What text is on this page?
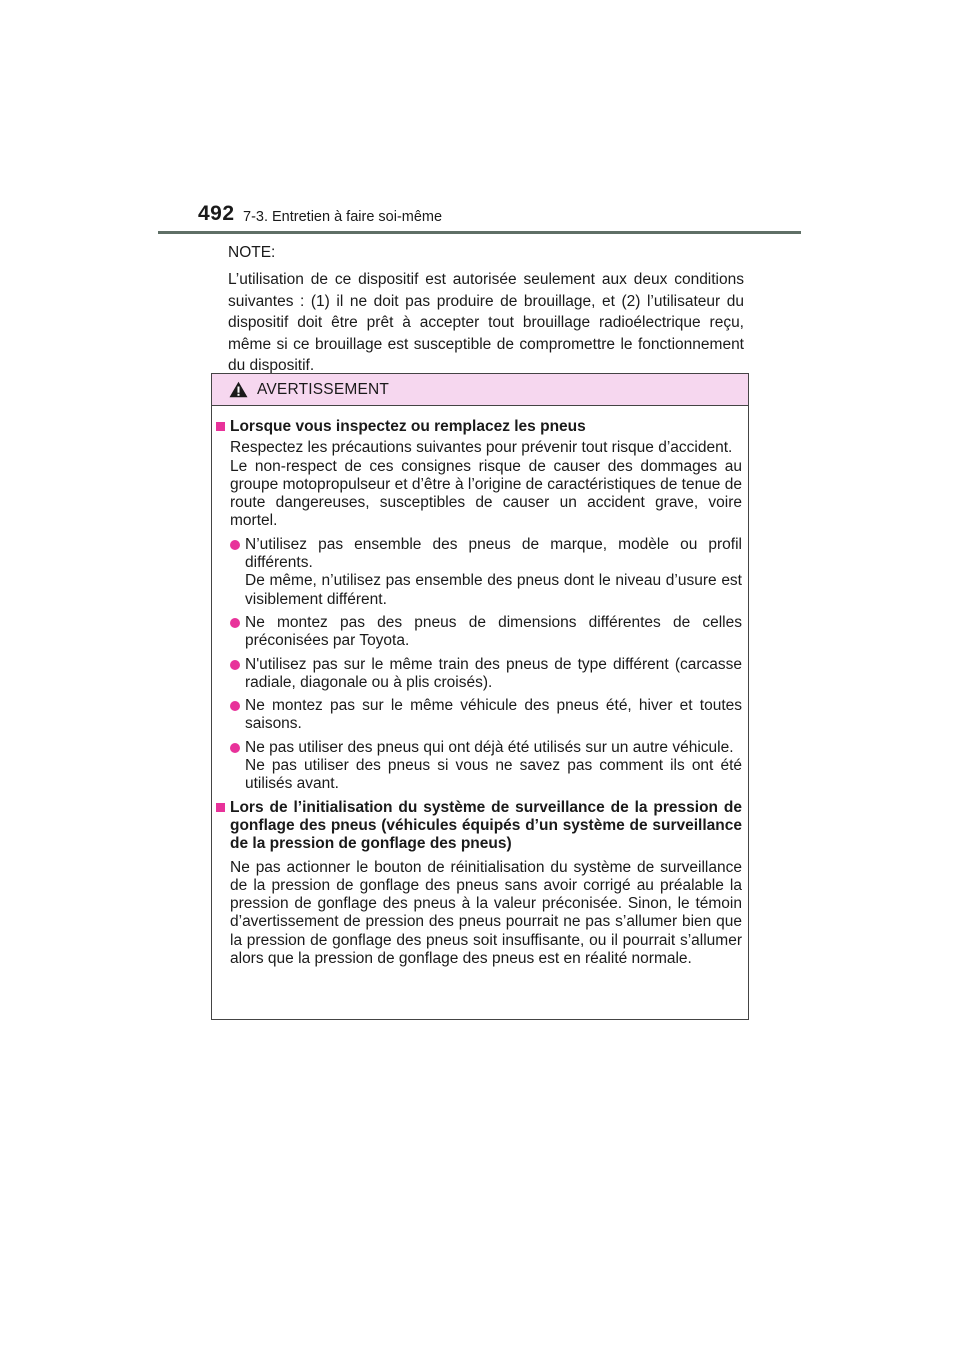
492 7-3. Entretien à faire soi-même

NOTE:

L’utilisation de ce dispositif est autorisée seulement aux deux conditions suivantes : (1) il ne doit pas produire de brouillage, et (2) l’utilisateur du dispositif doit être prêt à accepter tout brouillage radioélectrique reçu, même si ce brouillage est susceptible de compromettre le fonctionnement du dispositif.

AVERTISSEMENT
Lorsque vous inspectez ou remplacez les pneus

Respectez les précautions suivantes pour prévenir tout risque d’accident.

Le non-respect de ces consignes risque de causer des dommages au groupe motopropulseur et d’être à l’origine de caractéristiques de tenue de route dangereuses, susceptibles de causer un accident grave, voire mortel.

N’utilisez pas ensemble des pneus de marque, modèle ou profil différents.

De même, n’utilisez pas ensemble des pneus dont le niveau d’usure est visiblement différent.

Ne montez pas des pneus de dimensions différentes de celles préconisées par Toyota.

N'utilisez pas sur le même train des pneus de type différent (carcasse radiale, diagonale ou à plis croisés).

Ne montez pas sur le même véhicule des pneus été, hiver et toutes saisons.

Ne pas utiliser des pneus qui ont déjà été utilisés sur un autre véhicule.

Ne pas utiliser des pneus si vous ne savez pas comment ils ont été utilisés avant.

Lors de l’initialisation du système de surveillance de la pression de gonflage des pneus (véhicules équipés d’un système de surveillance de la pression de gonflage des pneus)

Ne pas actionner le bouton de réinitialisation du système de surveillance de la pression de gonflage des pneus sans avoir corrigé au préalable la pression de gonflage des pneus à la valeur préconisée. Sinon, le témoin d’avertissement de pression des pneus pourrait ne pas s’allumer bien que la pression de gonflage des pneus soit insuffisante, ou il pourrait s’allumer alors que la pression de gonflage des pneus est en réalité normale.
